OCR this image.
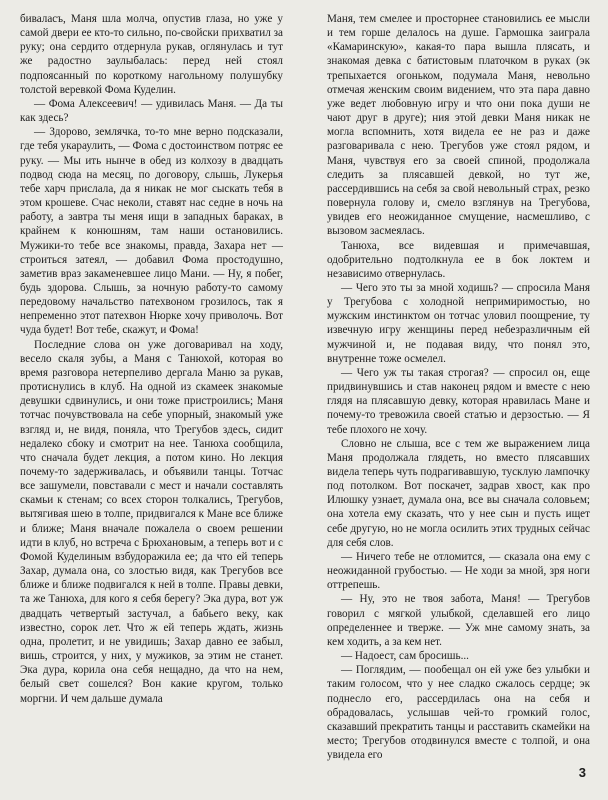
биваласъ, Маня шла молча, опустив глаза, но уже у самой двери ее кто-то сильно, по-свойски прихватил за руку; она сердито отдернула рукав, оглянулась и тут же радостно заулыбалась: перед ней стоял подпоясанный по короткому нагольному полушубку толстой веревкой Фома Куделин.

— Фома Алексеевич! — удивилась Маня. — Да ты как здесь?

— Здорово, землячка, то-то мне верно подсказали, где тебя укараулить, — Фома с достоинством потряс ее руку. — Мы ить нынче в обед из колхозу в двадцать подвод сюда на месяц, по договору, слышь, Лукерья тебе харч прислала, да я никак не мог сыскать тебя в этом крошеве. Счас неколи, ставят нас седне в ночь на работу, а завтра ты меня ищи в западных бараках, в крайнем к конюшням, там наши остановились. Мужики-то тебе все знакомы, правда, Захара нет — строиться затеял, — добавил Фома простодушно, заметив враз закаменевшее лицо Мани. — Ну, я побег, будь здорова. Слышь, за ночную работу-то самому передовому начальство патехвоном грозилось, так я непременно этот патехвон Нюрке хочу приволочь. Вот чуда будет! Вот тебе, скажут, и Фома!

Последние слова он уже договаривал на ходу, весело скаля зубы, а Маня с Танюхой, которая во время разговора нетерпеливо дергала Маню за рукав, протиснулись в клуб. На одной из скамеек знакомые девушки сдвинулись, и они тоже пристроились; Маня тотчас почувствовала на себе упорный, знакомый уже взгляд и, не видя, поняла, что Трегубов здесь, сидит недалеко сбоку и смотрит на нее. Танюха сообщила, что сначала будет лекция, а потом кино. Но лекция почему-то задерживалась, и объявили танцы. Тотчас все зашумели, повставали с мест и начали составлять скамьи к стенам; со всех сторон толкались, Трегубов, вытягивая шею в толпе, придвигался к Мане все ближе и ближе; Маня вначале пожалела о своем решении идти в клуб, но встреча с Брюхановым, а теперь вот и с Фомой Куделиным взбудоражила ее; да что ей теперь Захар, думала она, со злостью видя, как Трегубов все ближе и ближе подвигался к ней в толпе. Правы девки, та же Танюха, для кого я себя берегу? Эка дура, вот уж двадцать четвертый застучал, а бабьего веку, как известно, сорок лет. Что ж ей теперь ждать, жизнь одна, пролетит, и не увидишь; Захар давно ее забыл, вишь, строится, у них, у мужиков, за этим не станет. Эка дура, корила она себя нещадно, да что на нем, белый свет сошелся? Вон какие кругом, только моргни. И чем дальше думала

Маня, тем смелее и просторнее становились ее мысли и тем горше делалось на душе. Гармошка заиграла «Камаринскую», какая-то пара вышла плясать, и знакомая девка с батистовым платочком в руках (эк трепыхается огоньком, подумала Маня, невольно отмечая женским своим видением, что эта пара давно уже ведет любовную игру и что они пока души не чают друг в друге); ния этой девки Маня никак не могла вспомнить, хотя видела ее не раз и даже разговаривала с нею. Трегубов уже стоял рядом, и Маня, чувствуя его за своей спиной, продолжала следить за плясавшей девкой, но тут же, рассердившись на себя за свой невольный страх, резко повернула голову и, смело взглянув на Трегубова, увидев его неожиданное смущение, насмешливо, с вызовом засмеялась.

Танюха, все видевшая и примечавшая, одобрительно подтолкнула ее в бок локтем и независимо отвернулась.

— Чего это ты за мной ходишь? — спросила Маня у Трегубова с холодной непримиримостью, но мужским инстинктом он тотчас уловил поощрение, ту извечную игру женщины перед небезразличным ей мужчиной и, не подавая виду, что понял это, внутренне тоже осмелел.

— Чего уж ты такая строгая? — спросил он, еще придвинувшись и став наконец рядом и вместе с нею глядя на плясавшую девку, которая нравилась Мане и почему-то тревожила своей статью и дерзостью. — Я тебе плохого не хочу.

Словно не слыша, все с тем же выражением лица Маня продолжала глядеть, но вместо плясавших видела теперь чуть подрагивавшую, тусклую лампочку под потолком. Вот поскачет, задрав хвост, как про Илюшку узнает, думала она, все вы сначала соловьем; она хотела ему сказать, что у нее сын и пусть ищет себе другую, но не могла осилить этих трудных сейчас для себя слов.

— Ничего тебе не отломится, — сказала она ему с неожиданной грубостью. — Не ходи за мной, зря ноги оттрепешь.

— Ну, это не твоя забота, Маня! — Трегубов говорил с мягкой улыбкой, сделавшей его лицо определеннее и тверже. — Уж мне самому знать, за кем ходить, а за кем нет.

— Надоест, сам бросишь...

— Поглядим, — пообещал он ей уже без улыбки и таким голосом, что у нее сладко сжалось сердце; эк поднесло его, рассердилась она на себя и обрадовалась, услышав чей-то громкий голос, сказавший прекратить танцы и расставить скамейки на место; Трегубов отодвинулся вместе с толпой, и она увидела его

3
